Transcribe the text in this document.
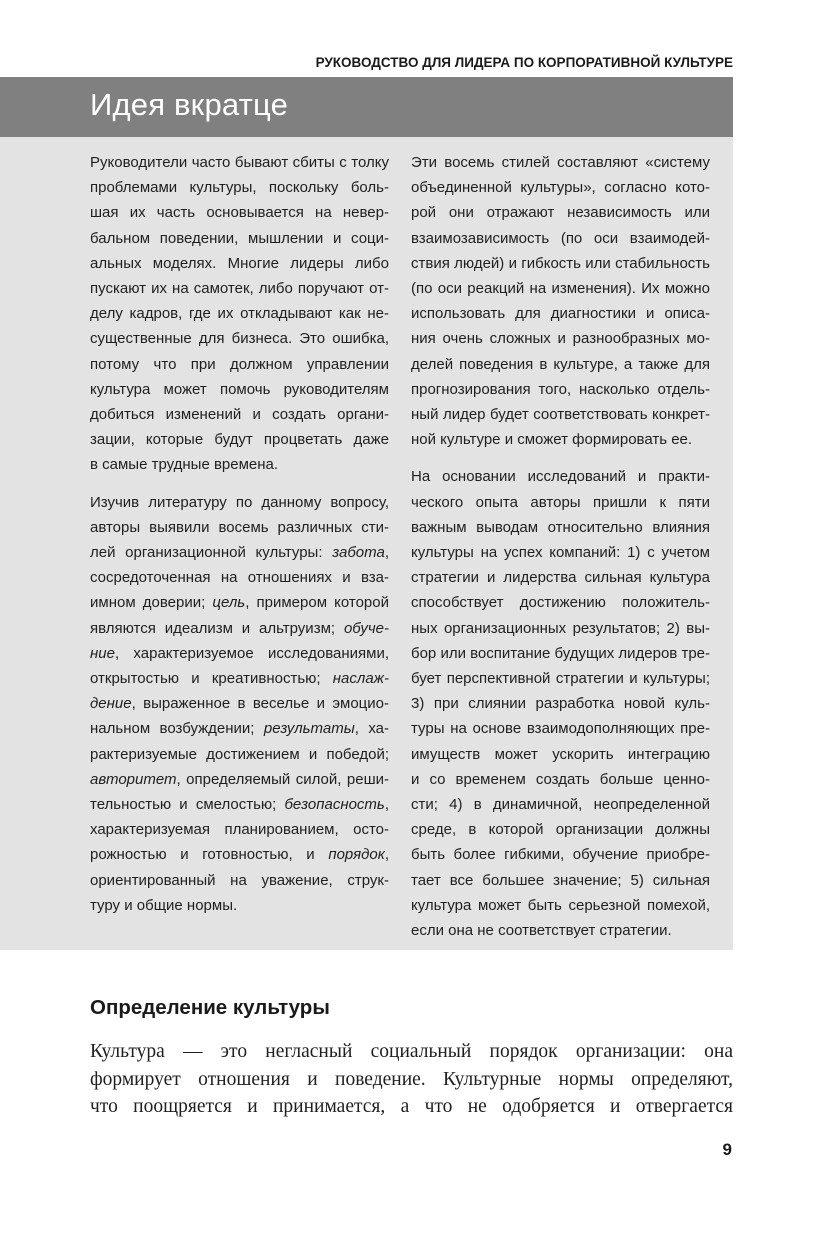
РУКОВОДСТВО ДЛЯ ЛИДЕРА ПО КОРПОРАТИВНОЙ КУЛЬТУРЕ
Идея вкратце

Руководители часто бывают сбиты с толку
проблемами культуры, поскольку боль-
шая их часть основывается на невер-
бальном поведении, мышлении и соци-
альных моделях. Многие лидеры либо
пускают их на самотек, либо поручают от-
делу кадров, где их откладывают как не-
существенные для бизнеса. Это ошибка,
потому что при должном управлении
культура может помочь руководителям
добиться изменений и создать органи-
зации, которые будут процветать даже
в самые трудные времена.

Изучив литературу по данному вопросу,
авторы выявили восемь различных сти-
лей организационной культуры: забота,
сосредоточенная на отношениях и вза-
имном доверии; цель, примером которой
являются идеализм и альтруизм; обуче-
ние, характеризуемое исследованиями,
открытостью и креативностью; наслаж-
дение, выраженное в веселье и эмоцио-
нальном возбуждении; результаты, ха-
рактеризуемые достижением и победой;
авторитет, определяемый силой, реши-
тельностью и смелостью; безопасность,
характеризуемая планированием, осто-
рожностью и готовностью, и порядок,
ориентированный на уважение, струк-
туру и общие нормы.

Эти восемь стилей составляют «систему
объединенной культуры», согласно кото-
рой они отражают независимость или
взаимозависимость (по оси взаимодей-
ствия людей) и гибкость или стабильность
(по оси реакций на изменения). Их можно
использовать для диагностики и описа-
ния очень сложных и разнообразных мо-
делей поведения в культуре, а также для
прогнозирования того, насколько отдель-
ный лидер будет соответствовать конкрет-
ной культуре и сможет формировать ее.

На основании исследований и практи-
ческого опыта авторы пришли к пяти
важным выводам относительно влияния
культуры на успех компаний: 1) с учетом
стратегии и лидерства сильная культура
способствует достижению положитель-
ных организационных результатов; 2) вы-
бор или воспитание будущих лидеров тре-
бует перспективной стратегии и культуры;
3) при слиянии разработка новой куль-
туры на основе взаимодополняющих пре-
имуществ может ускорить интеграцию
и со временем создать больше ценно-
сти; 4) в динамичной, неопределенной
среде, в которой организации должны
быть более гибкими, обучение приобре-
тает все большее значение; 5) сильная
культура может быть серьезной помехой,
если она не соответствует стратегии.

Определение культуры
Культура — это негласный социальный порядок организации: она
формирует отношения и поведение. Культурные нормы определяют,
что поощряется и принимается, а что не одобряется и отвергается
9
